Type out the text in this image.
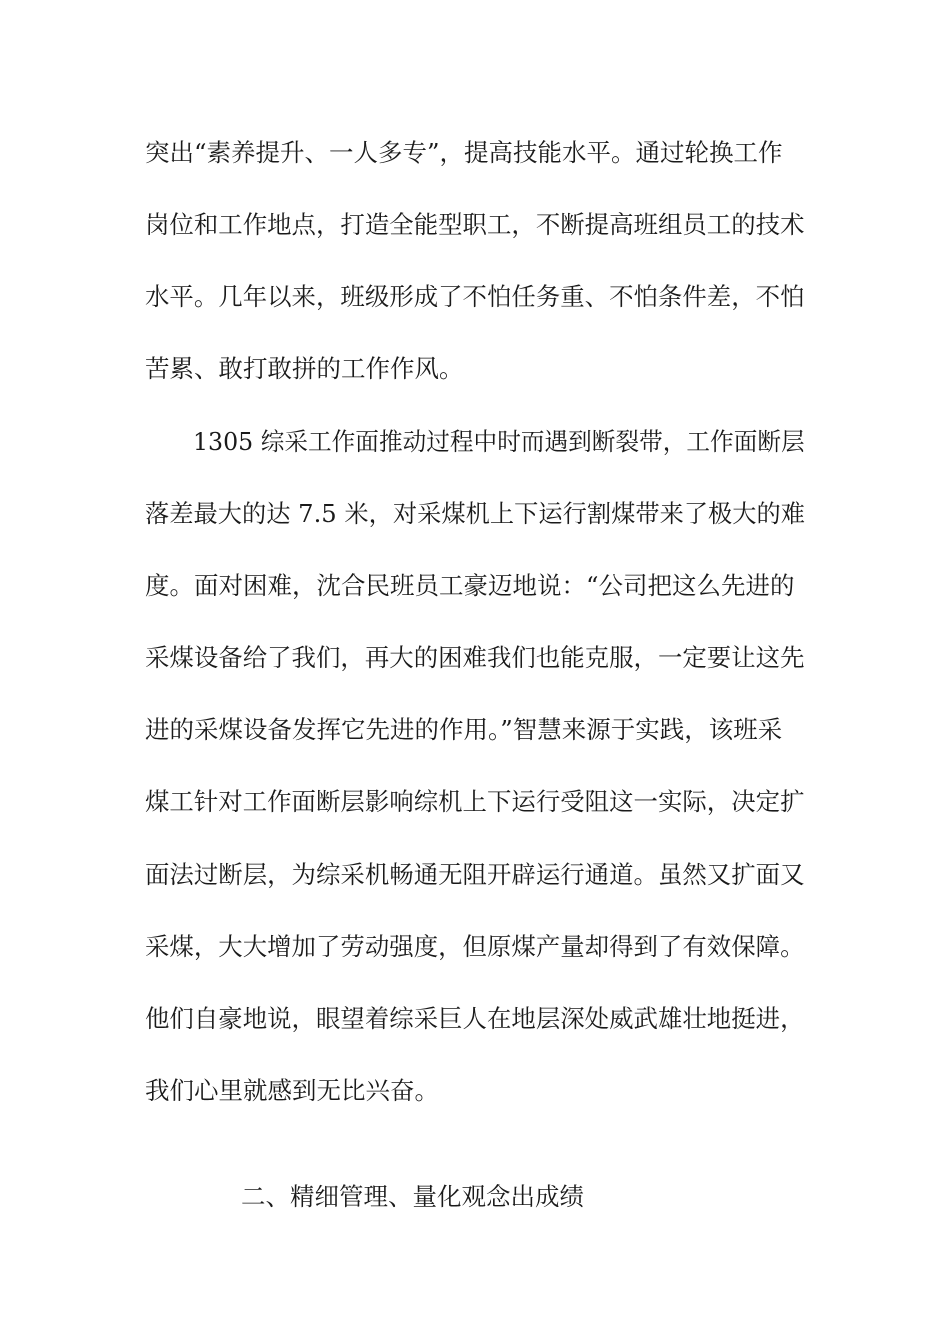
突出“素养提升、一人多专”，提高技能水平。通过轮换工作
岗位和工作地点，打造全能型职工，不断提高班组员工的技术
水平。几年以来，班级形成了不怕任务重、不怕条件差，不怕
苦累、敢打敢拼的工作作风。
1305 综采工作面推动过程中时而遇到断裂带，工作面断层
落差最大的达 7.5 米，对采煤机上下运行割煤带来了极大的难
度。面对困难，沈合民班员工豪迈地说：“公司把这么先进的
采煤设备给了我们，再大的困难我们也能克服，一定要让这先
进的采煤设备发挥它先进的作用。”智慧来源于实践，该班采
煤工针对工作面断层影响综机上下运行受阻这一实际，决定扩
面法过断层，为综采机畅通无阻开辟运行通道。虽然又扩面又
采煤，大大增加了劳动强度，但原煤产量却得到了有效保障。
他们自豪地说，眼望着综采巨人在地层深处威武雄壮地挺进，
我们心里就感到无比兴奋。
二、精细管理、量化观念出成绩
